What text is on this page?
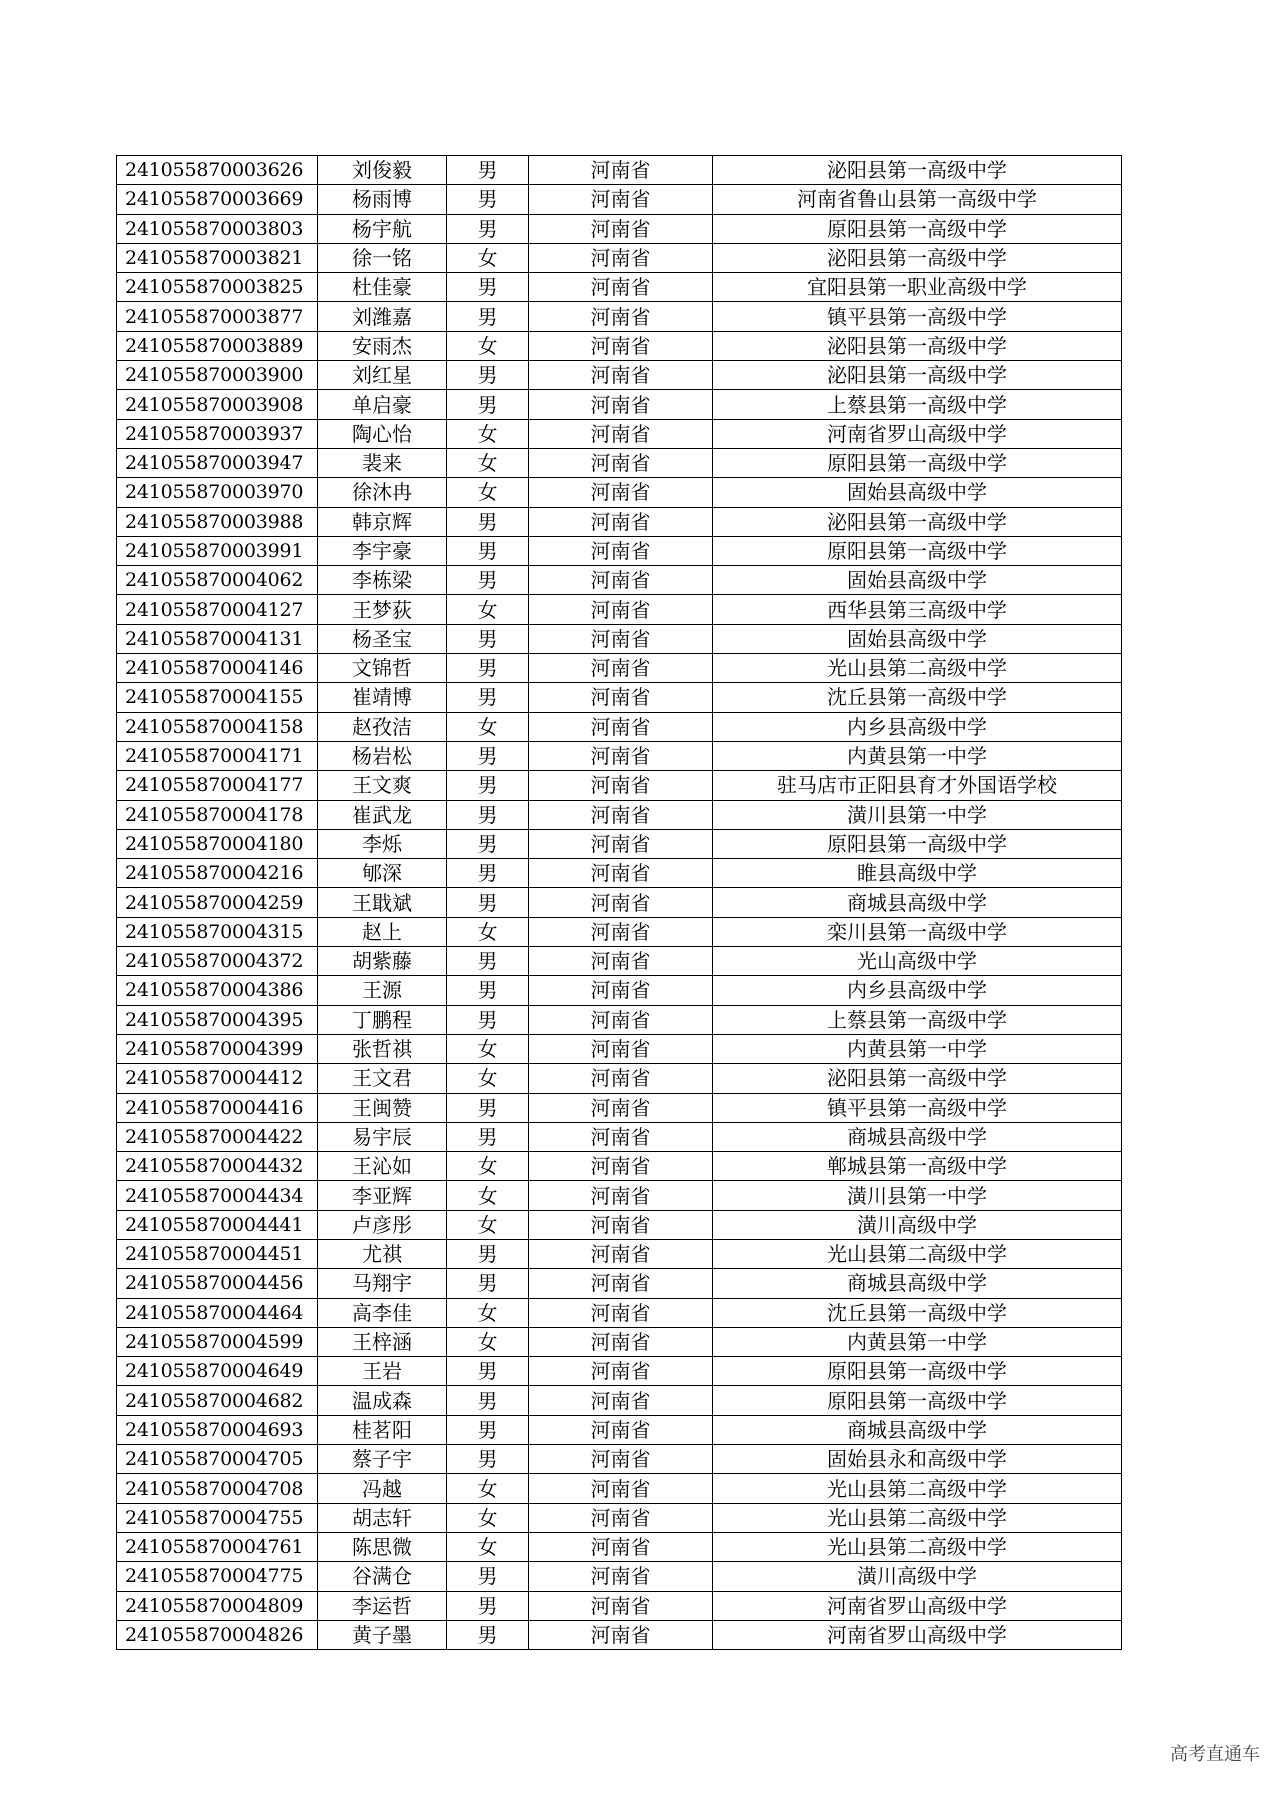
241055870003626	刘俊毅	男	河南省	泌阳县第一高级中学
241055870003669	杨雨博	男	河南省	河南省鲁山县第一高级中学
241055870003803	杨宇航	男	河南省	原阳县第一高级中学
241055870003821	徐一铭	女	河南省	泌阳县第一高级中学
241055870003825	杜佳豪	男	河南省	宜阳县第一职业高级中学
241055870003877	刘潍嘉	男	河南省	镇平县第一高级中学
241055870003889	安雨杰	女	河南省	泌阳县第一高级中学
241055870003900	刘红星	男	河南省	泌阳县第一高级中学
241055870003908	单启豪	男	河南省	上蔡县第一高级中学
241055870003937	陶心怡	女	河南省	河南省罗山高级中学
241055870003947	裴来	女	河南省	原阳县第一高级中学
241055870003970	徐沐冉	女	河南省	固始县高级中学
241055870003988	韩京辉	男	河南省	泌阳县第一高级中学
241055870003991	李宇豪	男	河南省	原阳县第一高级中学
241055870004062	李栋梁	男	河南省	固始县高级中学
241055870004127	王梦荻	女	河南省	西华县第三高级中学
241055870004131	杨圣宝	男	河南省	固始县高级中学
241055870004146	文锦哲	男	河南省	光山县第二高级中学
241055870004155	崔靖博	男	河南省	沈丘县第一高级中学
241055870004158	赵孜洁	女	河南省	内乡县高级中学
241055870004171	杨岩松	男	河南省	内黄县第一中学
241055870004177	王文爽	男	河南省	驻马店市正阳县育才外国语学校
241055870004178	崔武龙	男	河南省	潢川县第一中学
241055870004180	李烁	男	河南省	原阳县第一高级中学
241055870004216	郇深	男	河南省	睢县高级中学
241055870004259	王戢斌	男	河南省	商城县高级中学
241055870004315	赵上	女	河南省	栾川县第一高级中学
241055870004372	胡紫藤	男	河南省	光山高级中学
241055870004386	王源	男	河南省	内乡县高级中学
241055870004395	丁鹏程	男	河南省	上蔡县第一高级中学
241055870004399	张哲祺	女	河南省	内黄县第一中学
241055870004412	王文君	女	河南省	泌阳县第一高级中学
241055870004416	王闽赞	男	河南省	镇平县第一高级中学
241055870004422	易宇辰	男	河南省	商城县高级中学
241055870004432	王沁如	女	河南省	郸城县第一高级中学
241055870004434	李亚辉	女	河南省	潢川县第一中学
241055870004441	卢彦彤	女	河南省	潢川高级中学
241055870004451	尤祺	男	河南省	光山县第二高级中学
241055870004456	马翔宇	男	河南省	商城县高级中学
241055870004464	高李佳	女	河南省	沈丘县第一高级中学
241055870004599	王梓涵	女	河南省	内黄县第一中学
241055870004649	王岩	男	河南省	原阳县第一高级中学
241055870004682	温成森	男	河南省	原阳县第一高级中学
241055870004693	桂茗阳	男	河南省	商城县高级中学
241055870004705	蔡子宇	男	河南省	固始县永和高级中学
241055870004708	冯越	女	河南省	光山县第二高级中学
241055870004755	胡志轩	女	河南省	光山县第二高级中学
241055870004761	陈思微	女	河南省	光山县第二高级中学
241055870004775	谷满仓	男	河南省	潢川高级中学
241055870004809	李运哲	男	河南省	河南省罗山高级中学
241055870004826	黄子墨	男	河南省	河南省罗山高级中学
高考直通车
